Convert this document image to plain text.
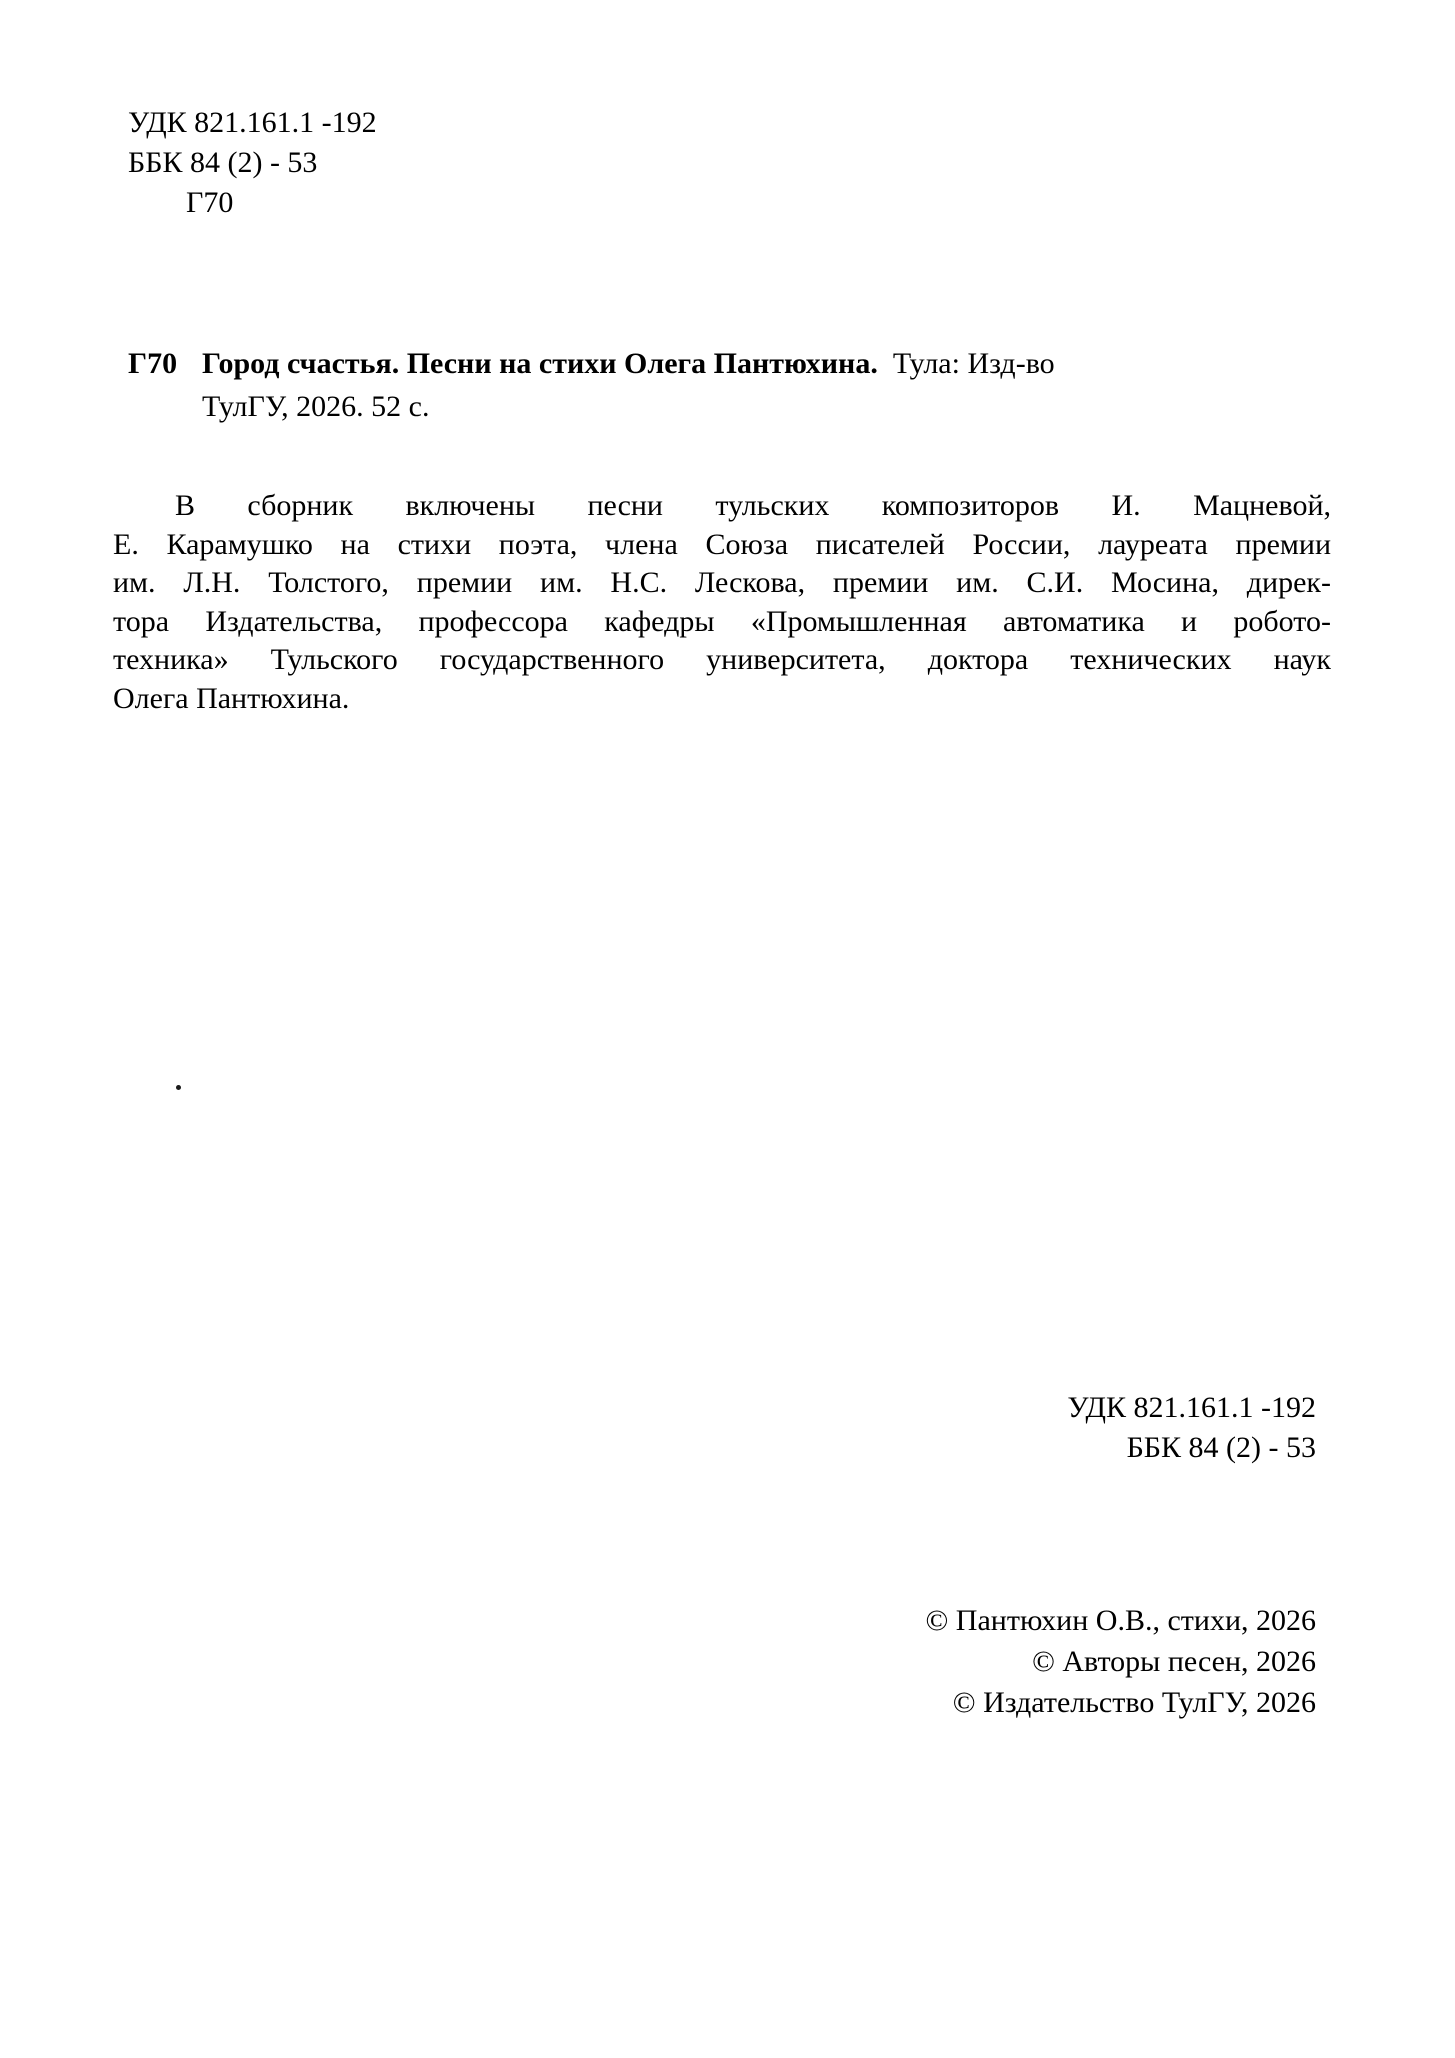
УДК 821.161.1 -192
ББК 84 (2) - 53
Г70
Г70 Город счастья. Песни на стихи Олега Пантюхина. Тула: Изд-во
ТулГУ, 2026. 52 с.
В сборник включены песни тульских композиторов И. Мацневой,
Е. Карамушко на стихи поэта, члена Союза писателей России, лауреата премии
им. Л.Н. Толстого, премии им. Н.С. Лескова, премии им. С.И. Мосина, дирек-
тора Издательства, профессора кафедры «Промышленная автоматика и робото-
техника» Тульского государственного университета, доктора технических наук
Олега Пантюхина.
УДК 821.161.1 -192
ББК 84 (2) - 53
© Пантюхин О.В., стихи, 2026
© Авторы песен, 2026
© Издательство ТулГУ, 2026
